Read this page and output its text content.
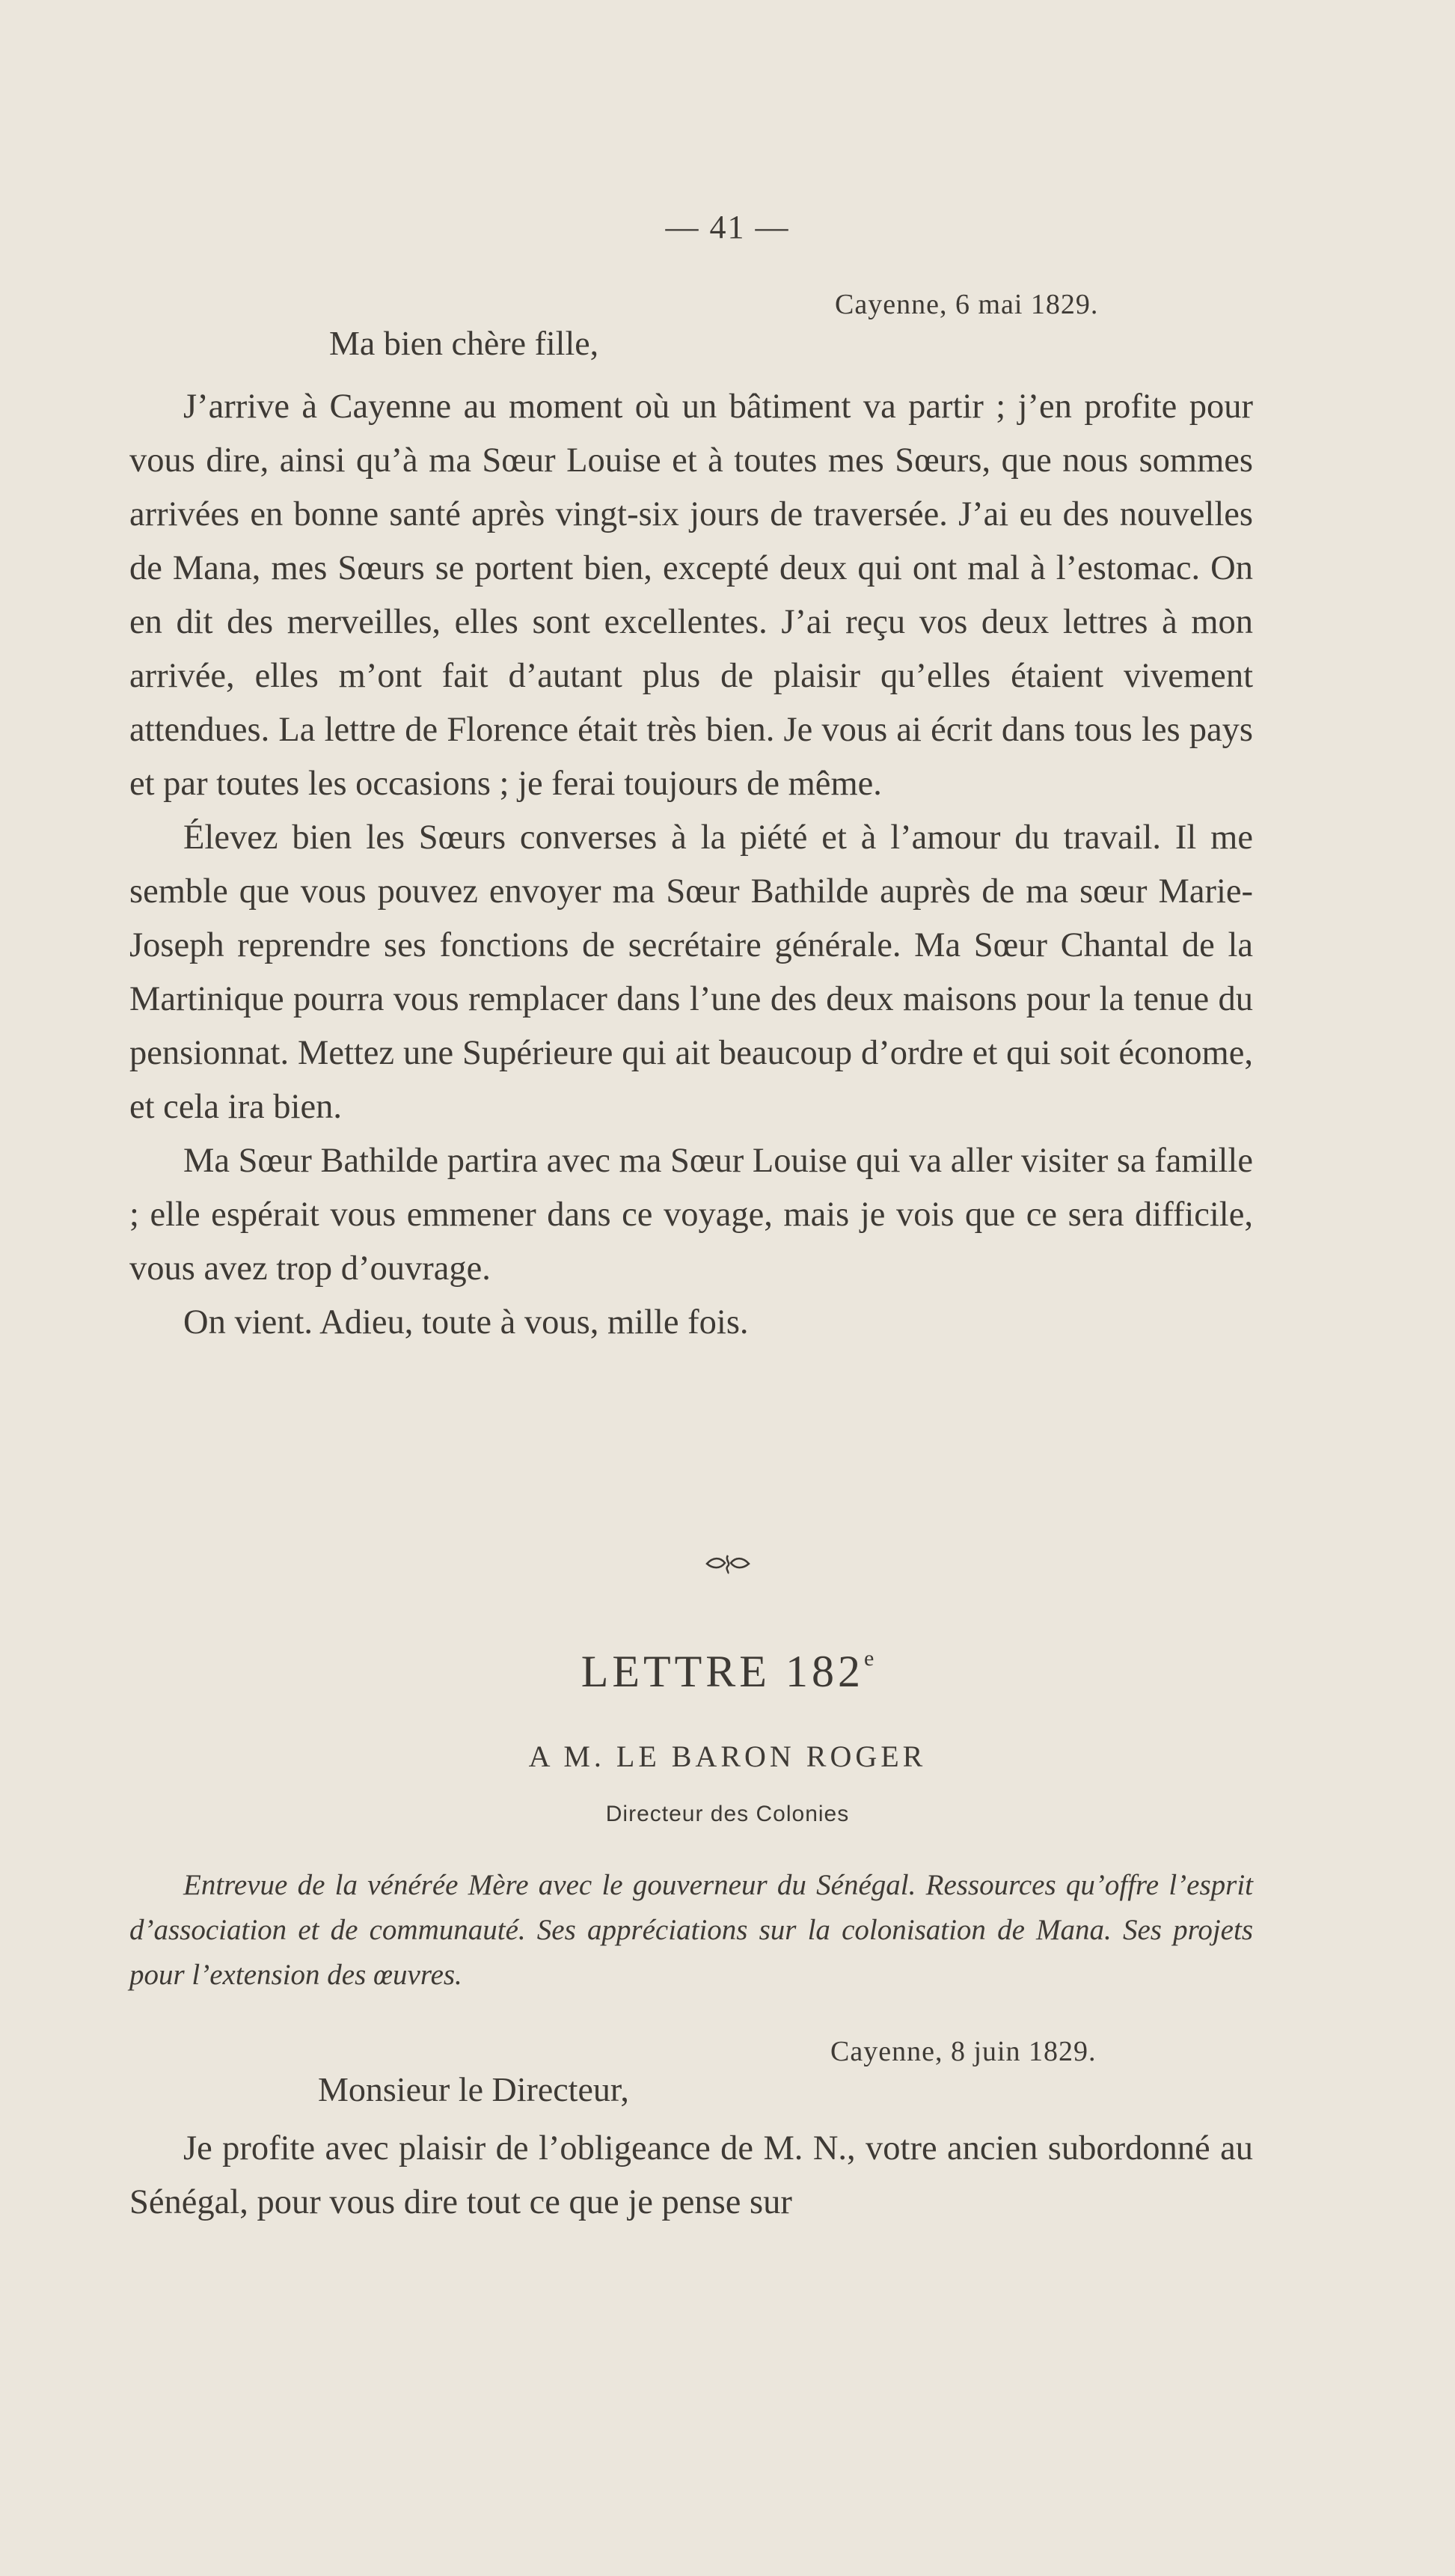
— 41 —
Cayenne, 6 mai 1829.
Ma bien chère fille,

J’arrive à Cayenne au moment où un bâtiment va partir ; j’en profite pour vous dire, ainsi qu’à ma Sœur Louise et à toutes mes Sœurs, que nous sommes arrivées en bonne santé après vingt-six jours de traversée. J’ai eu des nouvelles de Mana, mes Sœurs se portent bien, excepté deux qui ont mal à l’estomac. On en dit des merveilles, elles sont excellentes. J’ai reçu vos deux lettres à mon arrivée, elles m’ont fait d’autant plus de plaisir qu’elles étaient vivement attendues. La lettre de Florence était très bien. Je vous ai écrit dans tous les pays et par toutes les occasions ; je ferai toujours de même.

Élevez bien les Sœurs converses à la piété et à l’amour du travail. Il me semble que vous pouvez envoyer ma Sœur Bathilde auprès de ma sœur Marie-Joseph reprendre ses fonctions de secrétaire générale. Ma Sœur Chantal de la Martinique pourra vous remplacer dans l’une des deux maisons pour la tenue du pensionnat. Mettez une Supérieure qui ait beaucoup d’ordre et qui soit économe, et cela ira bien.

Ma Sœur Bathilde partira avec ma Sœur Louise qui va aller visiter sa famille ; elle espérait vous emmener dans ce voyage, mais je vois que ce sera difficile, vous avez trop d’ouvrage.

On vient. Adieu, toute à vous, mille fois.

LETTRE 182e
A M. LE BARON ROGER
Directeur des Colonies
Entrevue de la vénérée Mère avec le gouverneur du Sénégal. Ressources qu’offre l’esprit d’association et de communauté. Ses appréciations sur la colonisation de Mana. Ses projets pour l’extension des œuvres.
Cayenne, 8 juin 1829.
Monsieur le Directeur,

Je profite avec plaisir de l’obligeance de M. N., votre ancien subordonné au Sénégal, pour vous dire tout ce que je pense sur
